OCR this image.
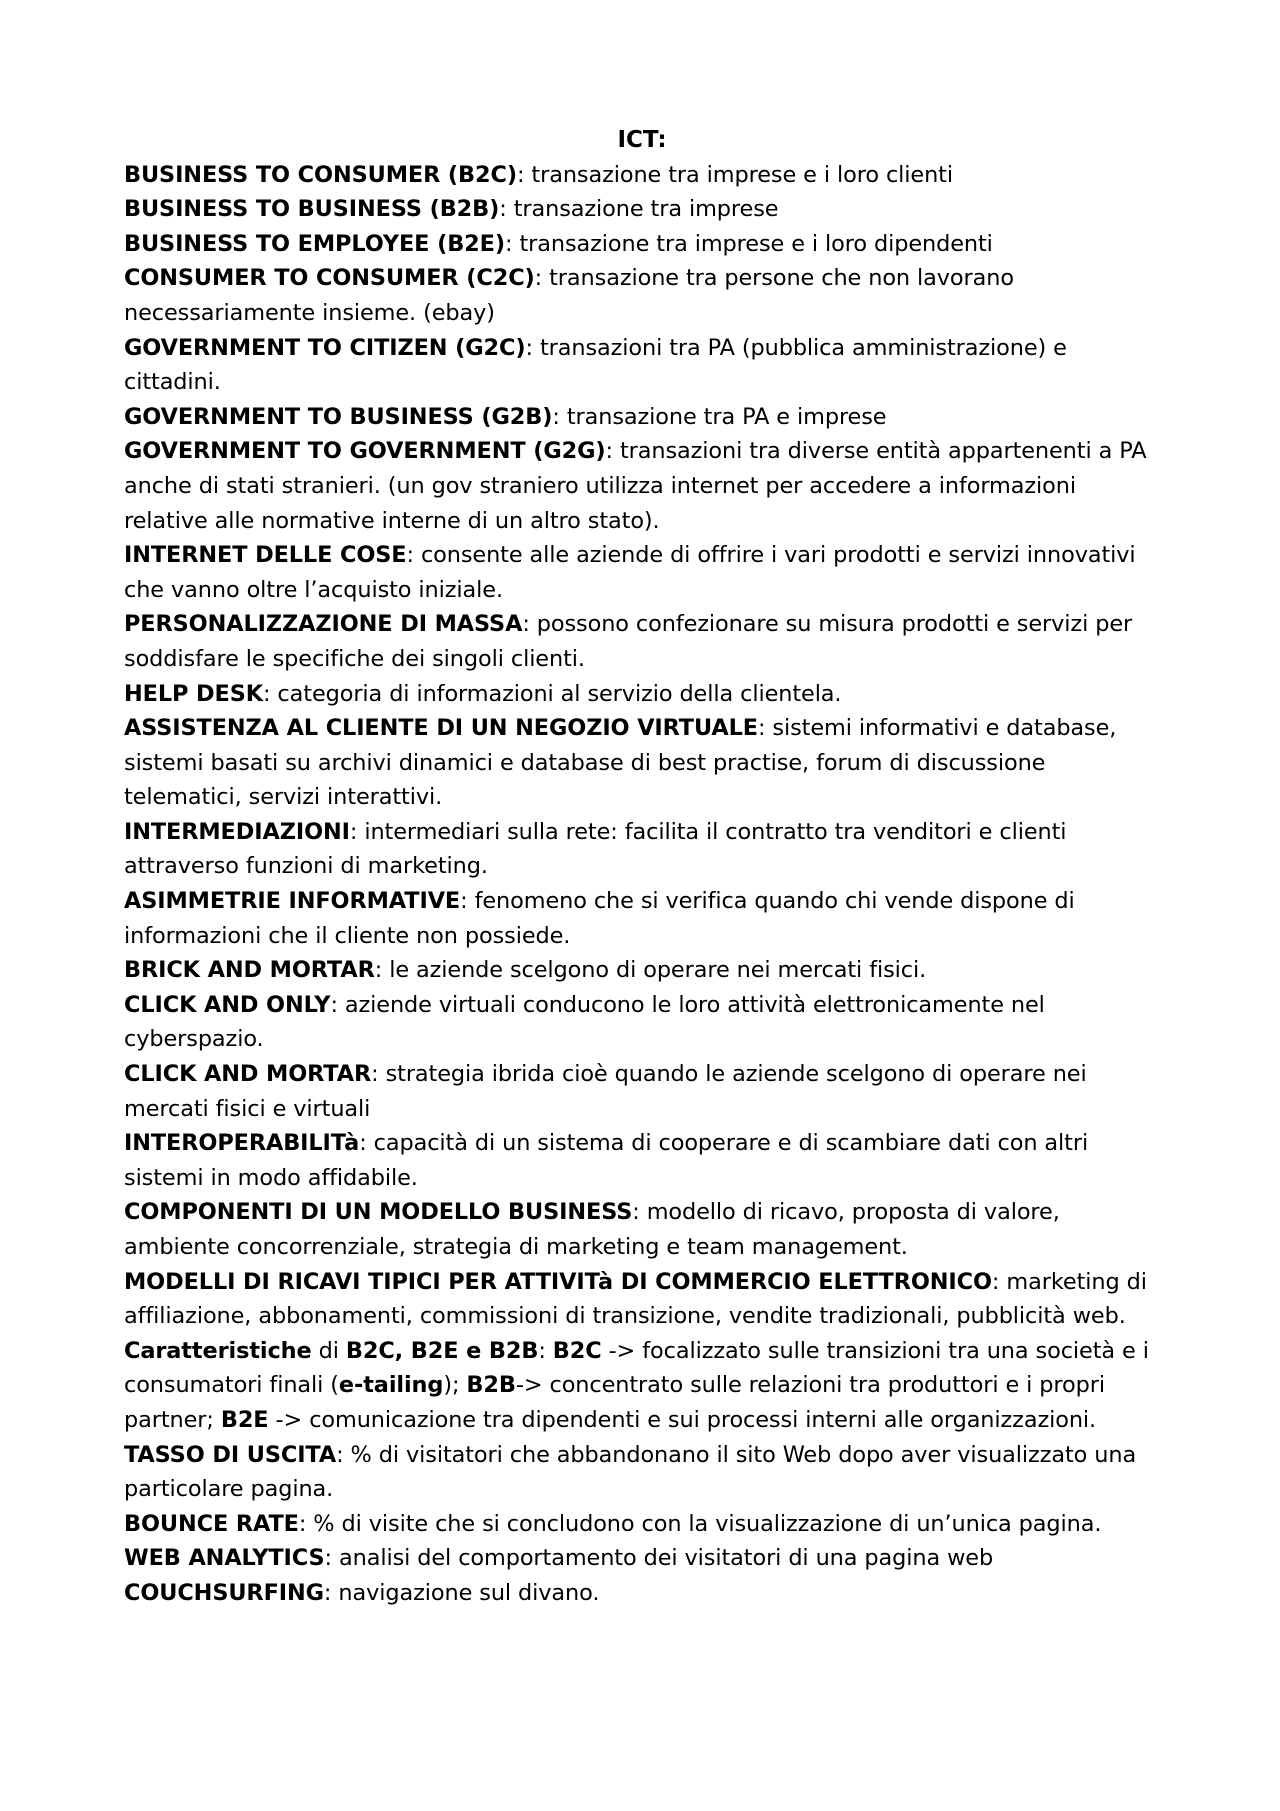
ICT:

BUSINESS TO CONSUMER (B2C): transazione tra imprese e i loro clienti

BUSINESS TO BUSINESS (B2B): transazione tra imprese

BUSINESS TO EMPLOYEE (B2E): transazione tra imprese e i loro dipendenti

CONSUMER TO CONSUMER (C2C): transazione tra persone che non lavorano necessariamente insieme. (ebay)

GOVERNMENT TO CITIZEN (G2C): transazioni tra PA (pubblica amministrazione) e cittadini.

GOVERNMENT TO BUSINESS (G2B): transazione tra PA e imprese

GOVERNMENT TO GOVERNMENT (G2G): transazioni tra diverse entità appartenenti a PA anche di stati stranieri. (un gov straniero utilizza internet per accedere a informazioni relative alle normative interne di un altro stato).

INTERNET DELLE COSE: consente alle aziende di offrire i vari prodotti e servizi innovativi che vanno oltre l’acquisto iniziale.

PERSONALIZZAZIONE DI MASSA: possono confezionare su misura prodotti e servizi per soddisfare le specifiche dei singoli clienti.

HELP DESK: categoria di informazioni al servizio della clientela.

ASSISTENZA AL CLIENTE DI UN NEGOZIO VIRTUALE: sistemi informativi e database, sistemi basati su archivi dinamici e database di best practise, forum di discussione telematici, servizi interattivi.

INTERMEDIAZIONI: intermediari sulla rete: facilita il contratto tra venditori e clienti attraverso funzioni di marketing.

ASIMMETRIE INFORMATIVE: fenomeno che si verifica quando chi vende dispone di informazioni che il cliente non possiede.

BRICK AND MORTAR: le aziende scelgono di operare nei mercati fisici.

CLICK AND ONLY: aziende virtuali conducono le loro attività elettronicamente nel cyberspazio.

CLICK AND MORTAR: strategia ibrida cioè quando le aziende scelgono di operare nei mercati fisici e virtuali

INTEROPERABILITà: capacità di un sistema di cooperare e di scambiare dati con altri sistemi in modo affidabile.

COMPONENTI DI UN MODELLO BUSINESS: modello di ricavo, proposta di valore, ambiente concorrenziale, strategia di marketing e team management.

MODELLI DI RICAVI TIPICI PER ATTIVITà DI COMMERCIO ELETTRONICO: marketing di affiliazione, abbonamenti, commissioni di transizione, vendite tradizionali, pubblicità web.

Caratteristiche di B2C, B2E e B2B: B2C -> focalizzato sulle transizioni tra una società e i consumatori finali (e-tailing); B2B-> concentrato sulle relazioni tra produttori e i propri partner; B2E -> comunicazione tra dipendenti e sui processi interni alle organizzazioni.

TASSO DI USCITA: % di visitatori che abbandonano il sito Web dopo aver visualizzato una particolare pagina.

BOUNCE RATE: % di visite che si concludono con la visualizzazione di un’unica pagina.

WEB ANALYTICS: analisi del comportamento dei visitatori di una pagina web

COUCHSURFING: navigazione sul divano.
